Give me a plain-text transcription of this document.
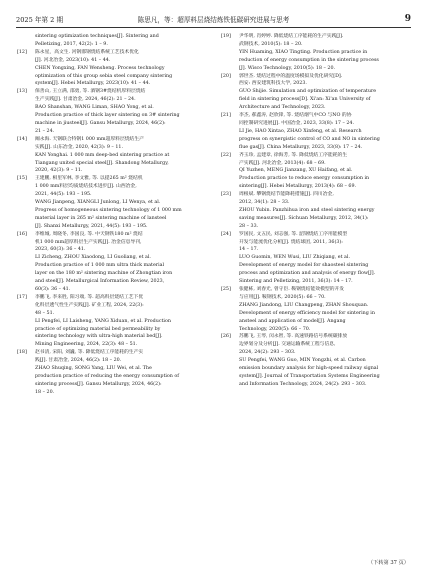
2025 年第 2 期	陈思凡，等：超厚料层烧结炼铁低碳研究进展与思考	9
sintering optimization techniques[J]. Sintering and
Pelletizing, 2017, 42(2): 1 – 9.
[12] 陈永星，高文生. 河钢邯钢烧结系统工艺技术优化
[J]. 河北冶金, 2023(10): 41 – 44.
CHEN Yongxing, FAN Wensheng. Process technology
optimization of this group sebia steel company sintering
system[J]. Hebei Metallurgy, 2023(10): 41 – 44.
[13] 保善山, 王立满, 邵勇, 等. 酒钢3#烧结机厚料层烧结
生产实践[J]. 甘肃冶金, 2024, 46(2): 21 – 24.
BAO Shanshan, WANG Liman, SHAO Yong, et al.
Production practice of thick layer sintering on 3# sintering
machine in jiusteel[J]. Gansu Metallurgy, 2024, 46(2):
21 – 24.
[14] 阚永海. 天钢联合特钢1 000 mm超厚料层烧结生产
实践[J]. 山东冶金, 2020, 42(3): 9 – 11.
KAN Yonghai. 1 000 mm deep-bed sintering practice at
Tiangang united special steel[J]. Shandong Metallurgy,
2020, 42(3): 9 – 11.
[15] 王建鹏, 相里军林, 李文雅, 等. 以提265 m² 烧结机
1 000 mm料层均质烧结技术进步[J]. 山西冶金,
2021, 44(5): 193 – 195.
WANG Jianpeng, XIANGLI Junlong, LI Wenya, et al.
Progress of homogeneous sintering technology of 1 000 mm
material layer in 265 m² sintering machine of lansteel
[J]. Shanxi Metallurgy, 2021, 44(5): 193 – 195.
[16] 李维城, 周晓冬, 李国良, 等. 中天钢铁180 m² 烧结
机1 000 mm超厚料层生产实践[J]. 冶金信息导刊,
2023, 60(3): 36 – 41.
LI Zicheng, ZHOU Xiaodong, LI Guoliang, et al.
Production practice of 1 000 mm ultra thick material
layer on the 180 m² sintering machine of Zhongtian iron
and steel[J]. Metallurgical Information Review, 2023,
60(3): 36 – 41.
[17] 李鹏飞, 李来胜, 阳习端, 等. 超高料层烧结工艺下优
化料层透气性生产实践[J]. 矿业工程, 2024, 22(3):
48 – 51.
LI Pengfei, LI Laisheng, YANG Xiduan, et al. Production
practice of optimizing material bed permeability by
sintering technology with ultra-high material bed[J].
Mining Engineering, 2024, 22(3): 48 – 51.
[18] 赵书清, 宋阳, 刘巍, 等. 降低烧结工序能耗的生产实
践[J]. 甘肃冶金, 2024, 46(2): 18 – 20.
ZHAO Shuqing, SONG Yang, LIU Wei, et al. The
production practice of reducing the energy consumption of
sintering process[J]. Gansu Metallurgy, 2024, 46(2):
18 – 20.
[19] 尹华明, 肖婷婷. 降低烧结工序能耗的生产实践[J].
武钢技术, 2010(5): 18 – 20.
YIN Huaming, XIAO Tingting. Production practice in
reduction of energy consumption in the sintering process
[J]. Wisco Technology, 2010(5): 18 – 20.
[20] 郭世杰. 烧结过程中的温度场模拟及优化研究[D].
西安: 西安建筑科技大学, 2023.
GUO Shijie. Simulation and optimization of temperature
field in sintering process[D]. Xi'an: Xi'an University of
Architecture and Technology, 2023.
[21] 李杰, 郝鑫涛, 赵欣锋, 等. 烧结烟气中CO 与NO 的协
同控制研究进展[J]. 中国冶金, 2023, 33(8): 17 – 24.
LI Jie, HAO Xintao, ZHAO Xinfeng, et al. Research
progress on synergistic control of CO and NO in sintering
flue gas[J]. China Metallurgy, 2023, 33(8): 17 – 24.
[22] 齐玉珍, 孟建章, 徐海芳, 等. 降低烧结工序能耗的生
产实践[J]. 河北冶金, 2013(4): 68 – 69.
QI Yuzhen, MENG Jianzang, XU Haifang, et al.
Production practice to reduce energy consumption in
sintering[J]. Hebei Metallurgy, 2013(4): 68 – 69.
[23] 周根斌. 攀钢烧结节能降耗措施[J]. 四川冶金,
2012, 34(1): 28 – 33.
ZHOU Yubin. Panzhihua iron and steel sintering energy
saving measures[J]. Sichuan Metallurgy, 2012, 34(1):
28 – 33.
[24] 罗国民, 文五民, 刘志强, 等. 韶钢烧结工序用能模型
开发与能流优化分析[J]. 烧结球团, 2011, 36(3):
14 – 17.
LUO Guomin, WEN Wusi, LIU Zhiqiang, et al.
Development of energy model for shaosteel sintering
process and optimization and analysis of energy flow[J].
Sintering and Pelletizing, 2011, 36(3): 14 – 17.
[25] 张健栋, 刘春光, 曾守臣. 鞍钢烧结能效模型的开发
与应用[J]. 鞍钢技术, 2020(5): 66 – 70.
ZHANG Jiandong, LIU Changpeng, ZHAN Shouquan.
Development of energy efficiency model for sintering in
ansteel and application of model[J]. Angang
Technology, 2020(5): 66 – 70.
[26] 苏鹏飞, 王琴, 闵永智, 等. 高速铁路信号系统碳排放
边界划分及分析[J]. 交通运输系统工程与信息,
2024, 24(2): 293 – 303.
SU Pengfei, WANG Guo, MIN Yongzhi, et al. Carbon
emission boundary analysis for high-speed railway signal
system[J]. Journal of Transportation Systems Engineering
and Information Technology, 2024, 24(2): 293 – 303.
（下转第 37 页）
